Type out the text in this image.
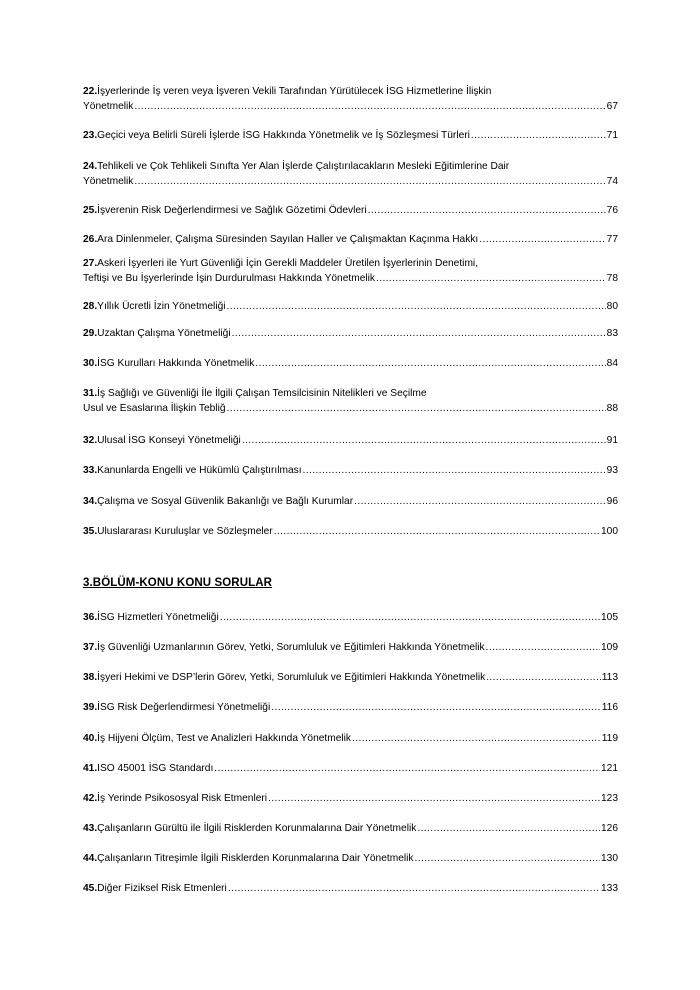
22. İşyerlerinde İş veren veya İşveren Vekili Tarafından Yürütülecek İSG Hizmetlerine İlişkin
Yönetmelik .....	67
23. Geçici veya Belirli Süreli İşlerde İSG Hakkında Yönetmelik ve İş Sözleşmesi Türleri .....	71
24. Tehlikeli ve Çok Tehlikeli Sınıfta Yer Alan İşlerde Çalıştırılacakların Mesleki Eğitimlerine Dair
Yönetmelik .....	74
25. İşverenin Risk Değerlendirmesi ve Sağlık Gözetimi Ödevleri .....	76
26. Ara Dinlenmeler, Çalışma Süresinden Sayılan Haller ve Çalışmaktan Kaçınma Hakkı .....	77
27. Askeri İşyerleri ile Yurt Güvenliği İçin Gerekli Maddeler Üretilen İşyerlerinin Denetimi,
Teftişi ve Bu İşyerlerinde İşin Durdurulması Hakkında Yönetmelik .....	78
28. Yıllık Ücretli İzin Yönetmeliği .....	80
29. Uzaktan Çalışma Yönetmeliği .....	83
30. İSG Kurulları Hakkında Yönetmelik .....	84
31. İş Sağlığı ve Güvenliği İle İlgili Çalışan Temsilcisinin Nitelikleri ve Seçilme
Usul ve Esaslarına İlişkin Tebliğ .....	88
32. Ulusal İSG Konseyi Yönetmeliği .....	91
33. Kanunlarda Engelli ve Hükümlü Çalıştırılması .....	93
34. Çalışma ve Sosyal Güvenlik Bakanlığı ve Bağlı Kurumlar .....	96
35. Uluslararası Kuruluşlar ve Sözleşmeler .....	100
3.BÖLÜM-KONU KONU SORULAR
36. İSG Hizmetleri Yönetmeliği .....	105
37. İş Güvenliği Uzmanlarının Görev, Yetki, Sorumluluk ve Eğitimleri Hakkında Yönetmelik .....	109
38. İşyeri Hekimi ve DSP’lerin Görev, Yetki, Sorumluluk ve Eğitimleri Hakkında Yönetmelik .....	113
39. İSG Risk Değerlendirmesi Yönetmeliği .....	116
40. İş Hijyeni Ölçüm, Test ve Analizleri Hakkında Yönetmelik .....	119
41. ISO 45001 İSG Standardı .....	121
42. İş Yerinde Psikososyal Risk Etmenleri .....	123
43. Çalışanların Gürültü ile İlgili Risklerden Korunmalarına Dair Yönetmelik .....	126
44. Çalışanların Titreşimle İlgili Risklerden Korunmalarına Dair Yönetmelik .....	130
45. Diğer Fiziksel Risk Etmenleri .....	133
